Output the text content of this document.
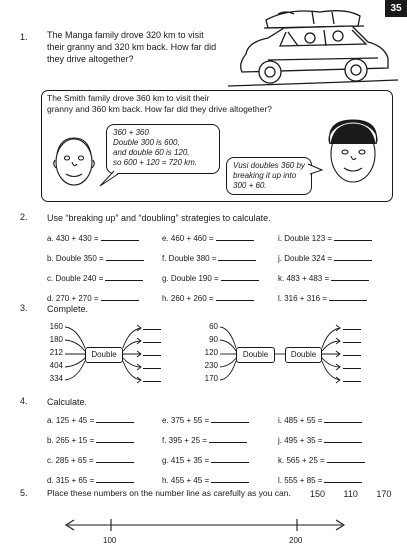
35
1. The Manga family drove 320 km to visit
their granny and 320 km back. How far did
they drive altogether?
The Smith family drove 360 km to visit their
granny and 360 km back. How far did they drive altogether?
360 + 360
Double 300 is 600,
and double 60 is 120,
so 600 + 120 = 720 km.	Vusi doubles 360 by
breaking it up into
300 + 60.
2. Use “breaking up” and “doubling” strategies to calculate.
a. 430 + 430 =
b. Double 350 =
c. Double 240 =
d. 270 + 270 =
e. 460 + 460 =
f. Double 380 =
g. Double 190 =
h. 260 + 260 =
i. Double 123 =
j. Double 324 =
k. 483 + 483 =
l. 316 + 316 =
3. Complete.
160
180
212
404
334
Double
60
90
120
230
170
Double	Double
4. Calculate.
a. 125 + 45 =
b. 265 + 15 =
c. 285 + 65 =
d. 315 + 65 =
e. 375 + 55 =
f. 395 + 25 =
g. 415 + 35 =
h. 455 + 45 =
i. 485 + 55 =
j. 495 + 35 =
k. 565 + 25 =
l. 555 + 85 =
5. Place these numbers on the number line as carefully as you can. 150 110 170
100	200
